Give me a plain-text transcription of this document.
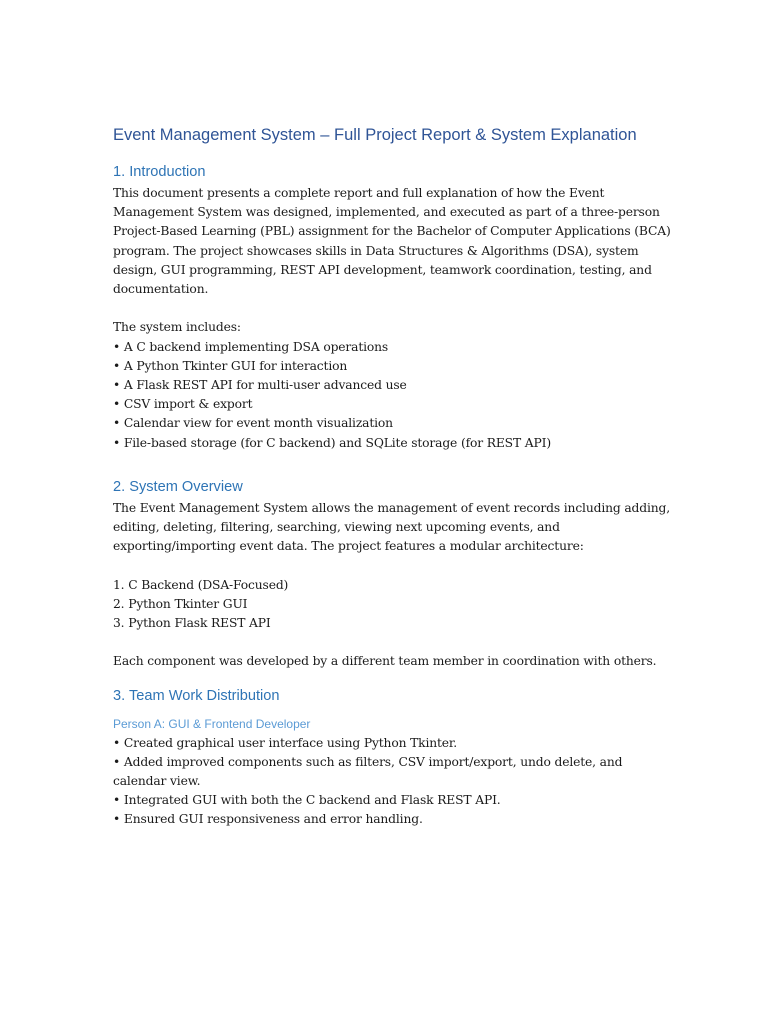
Event Management System – Full Project Report & System Explanation
1. Introduction
This document presents a complete report and full explanation of how the Event
Management System was designed, implemented, and executed as part of a three-person
Project-Based Learning (PBL) assignment for the Bachelor of Computer Applications (BCA)
program. The project showcases skills in Data Structures & Algorithms (DSA), system
design, GUI programming, REST API development, teamwork coordination, testing, and
documentation.
The system includes:
• A C backend implementing DSA operations
• A Python Tkinter GUI for interaction
• A Flask REST API for multi-user advanced use
• CSV import & export
• Calendar view for event month visualization
• File-based storage (for C backend) and SQLite storage (for REST API)
2. System Overview
The Event Management System allows the management of event records including adding,
editing, deleting, filtering, searching, viewing next upcoming events, and
exporting/importing event data. The project features a modular architecture:
1. C Backend (DSA-Focused)
2. Python Tkinter GUI
3. Python Flask REST API
Each component was developed by a different team member in coordination with others.
3. Team Work Distribution
Person A: GUI & Frontend Developer
• Created graphical user interface using Python Tkinter.
• Added improved components such as filters, CSV import/export, undo delete, and
calendar view.
• Integrated GUI with both the C backend and Flask REST API.
• Ensured GUI responsiveness and error handling.
